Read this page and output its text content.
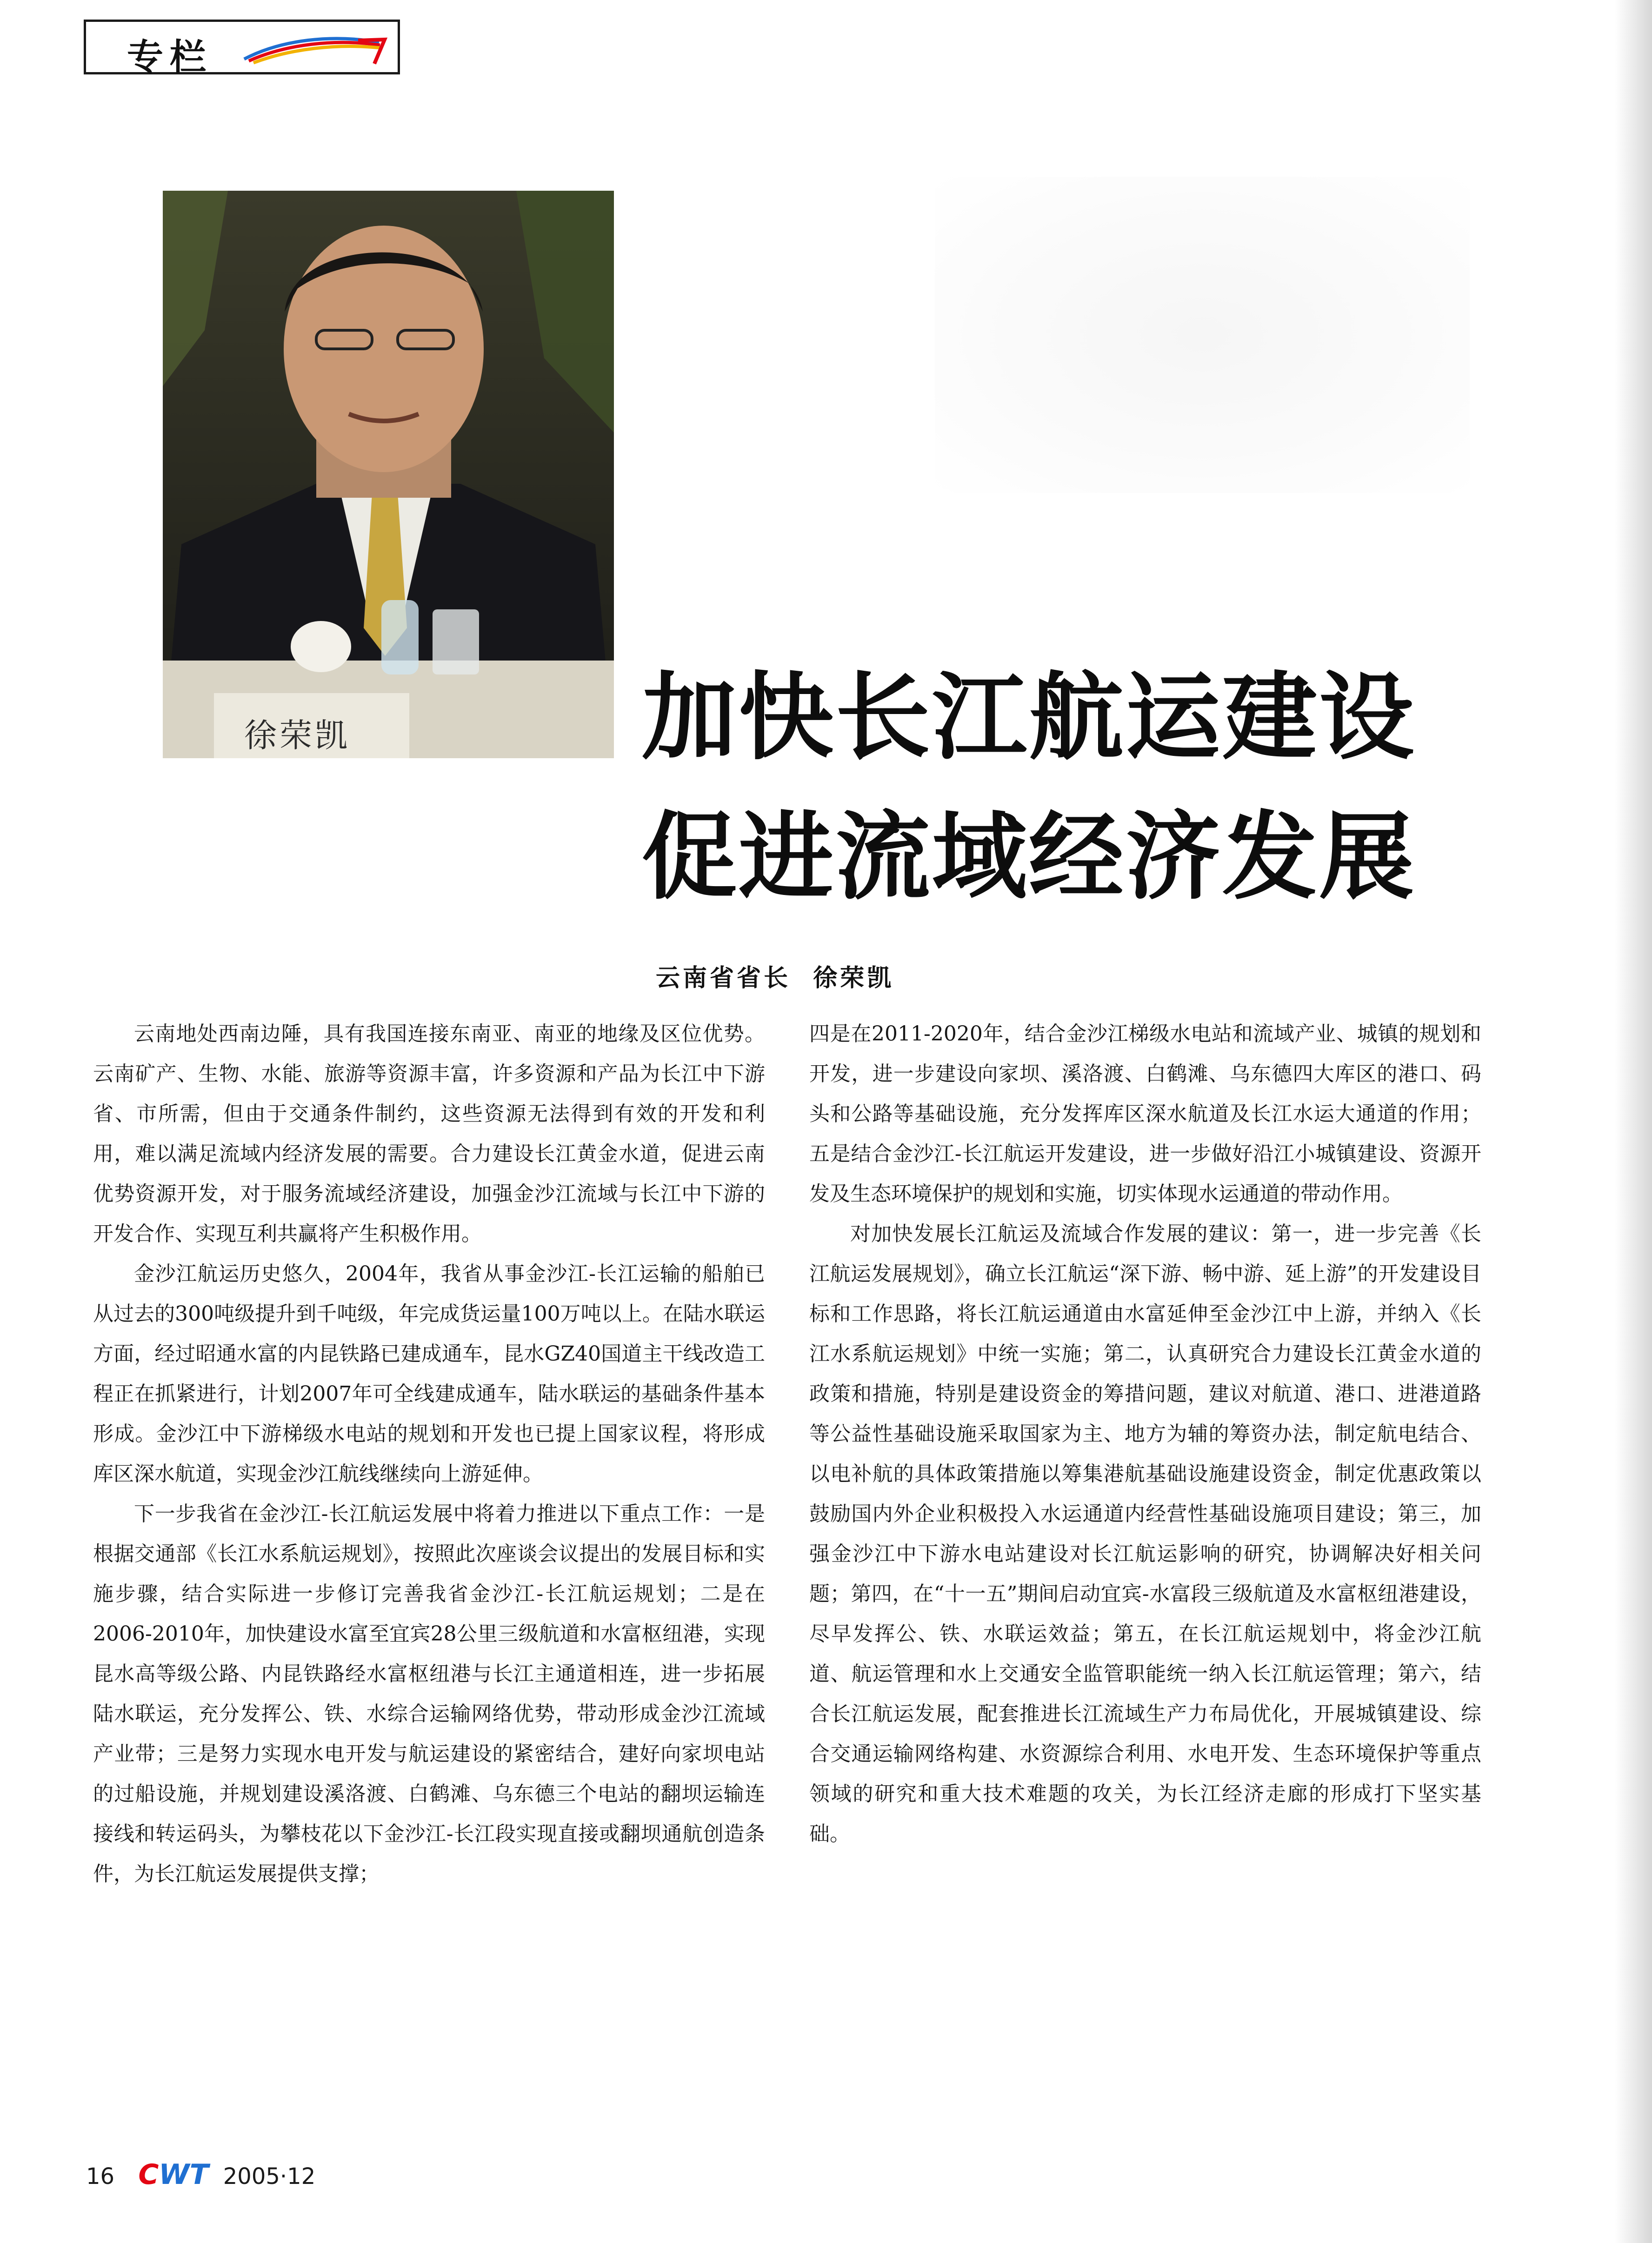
专栏
徐荣凯	加快长江航运建设
促进流域经济发展
云南省省长  徐荣凯

云南地处西南边陲，具有我国连接东南亚、南亚的地缘及区位优势。云南矿产、生物、水能、旅游等资源丰富，许多资源和产品为长江中下游省、市所需，但由于交通条件制约，这些资源无法得到有效的开发和利用，难以满足流域内经济发展的需要。合力建设长江黄金水道，促进云南优势资源开发，对于服务流域经济建设，加强金沙江流域与长江中下游的开发合作、实现互利共赢将产生积极作用。

金沙江航运历史悠久，2004年，我省从事金沙江-长江运输的船舶已从过去的300吨级提升到千吨级，年完成货运量100万吨以上。在陆水联运方面，经过昭通水富的内昆铁路已建成通车，昆水GZ40国道主干线改造工程正在抓紧进行，计划2007年可全线建成通车，陆水联运的基础条件基本形成。金沙江中下游梯级水电站的规划和开发也已提上国家议程，将形成库区深水航道，实现金沙江航线继续向上游延伸。

下一步我省在金沙江-长江航运发展中将着力推进以下重点工作：一是根据交通部《长江水系航运规划》，按照此次座谈会议提出的发展目标和实施步骤，结合实际进一步修订完善我省金沙江-长江航运规划；二是在2006-2010年，加快建设水富至宜宾28公里三级航道和水富枢纽港，实现昆水高等级公路、内昆铁路经水富枢纽港与长江主通道相连，进一步拓展陆水联运，充分发挥公、铁、水综合运输网络优势，带动形成金沙江流域产业带；三是努力实现水电开发与航运建设的紧密结合，建好向家坝电站的过船设施，并规划建设溪洛渡、白鹤滩、乌东德三个电站的翻坝运输连接线和转运码头，为攀枝花以下金沙江-长江段实现直接或翻坝通航创造条件，为长江航运发展提供支撑；

四是在2011-2020年，结合金沙江梯级水电站和流域产业、城镇的规划和开发，进一步建设向家坝、溪洛渡、白鹤滩、乌东德四大库区的港口、码头和公路等基础设施，充分发挥库区深水航道及长江水运大通道的作用；五是结合金沙江-长江航运开发建设，进一步做好沿江小城镇建设、资源开发及生态环境保护的规划和实施，切实体现水运通道的带动作用。

对加快发展长江航运及流域合作发展的建议：第一，进一步完善《长江航运发展规划》，确立长江航运“深下游、畅中游、延上游”的开发建设目标和工作思路，将长江航运通道由水富延伸至金沙江中上游，并纳入《长江水系航运规划》中统一实施；第二，认真研究合力建设长江黄金水道的政策和措施，特别是建设资金的筹措问题，建议对航道、港口、进港道路等公益性基础设施采取国家为主、地方为辅的筹资办法，制定航电结合、以电补航的具体政策措施以筹集港航基础设施建设资金，制定优惠政策以鼓励国内外企业积极投入水运通道内经营性基础设施项目建设；第三，加强金沙江中下游水电站建设对长江航运影响的研究，协调解决好相关问题；第四，在“十一五”期间启动宜宾-水富段三级航道及水富枢纽港建设，尽早发挥公、铁、水联运效益；第五，在长江航运规划中，将金沙江航道、航运管理和水上交通安全监管职能统一纳入长江航运管理；第六，结合长江航运发展，配套推进长江流域生产力布局优化，开展城镇建设、综合交通运输网络构建、水资源综合利用、水电开发、生态环境保护等重点领域的研究和重大技术难题的攻关，为长江经济走廊的形成打下坚实基础。

16 CWT 2005·12
